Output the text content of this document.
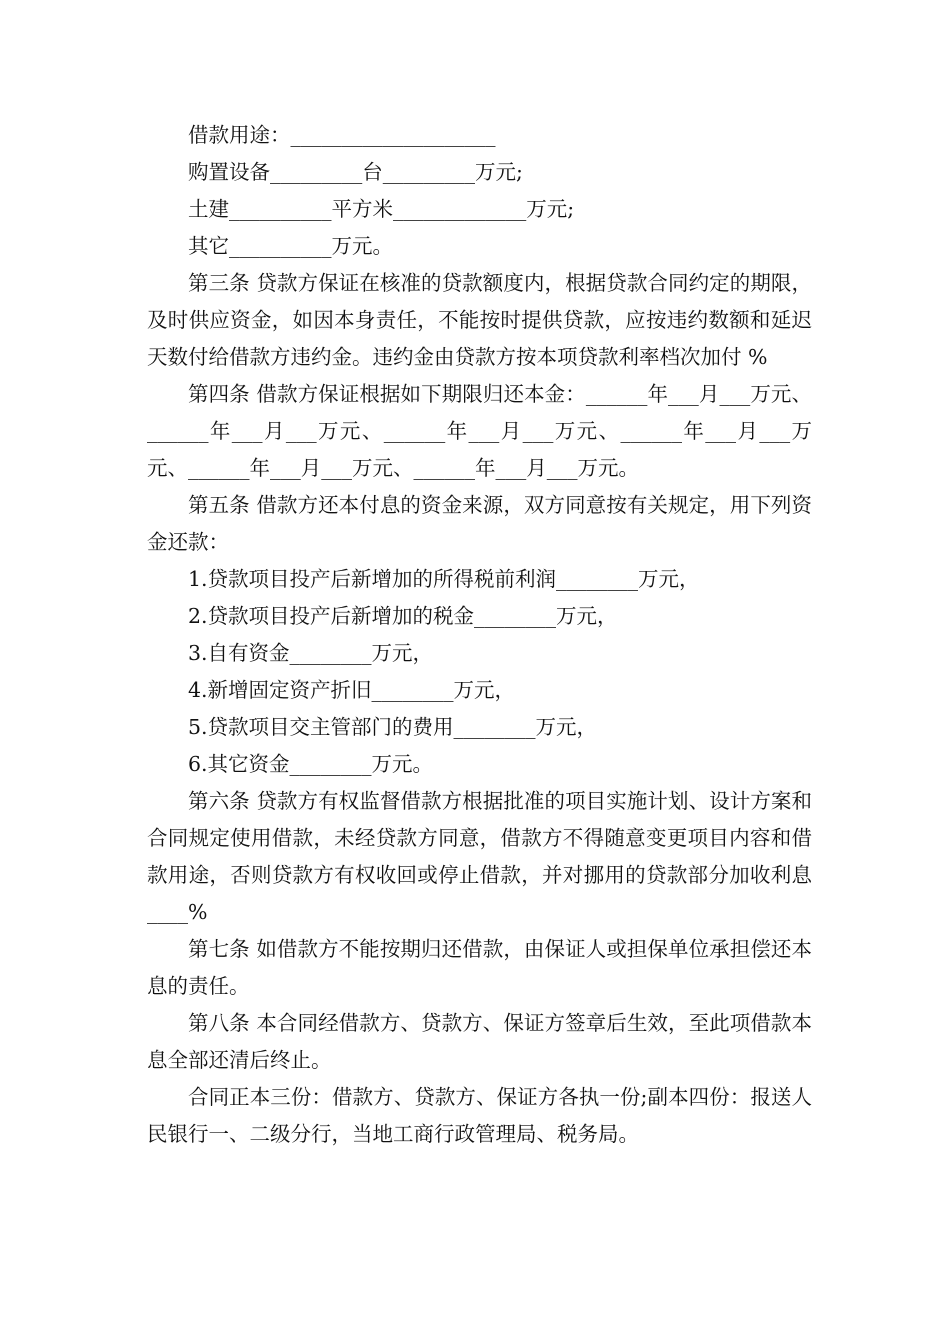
借款用途：____________________

购置设备_________台_________万元;

土建__________平方米_____________万元;

其它__________万元。

第三条 贷款方保证在核准的贷款额度内，根据贷款合同约定的期限，及时供应资金，如因本身责任，不能按时提供贷款，应按违约数额和延迟天数付给借款方违约金。违约金由贷款方按本项贷款利率档次加付 %

第四条 借款方保证根据如下期限归还本金：______年___月___万元、______年___月___万元、______年___月___万元、______年___月___万元、______年___月___万元、______年___月___万元。

第五条 借款方还本付息的资金来源，双方同意按有关规定，用下列资金还款：

1.贷款项目投产后新增加的所得税前利润________万元，

2.贷款项目投产后新增加的税金________万元，

3.自有资金________万元，

4.新增固定资产折旧________万元，

5.贷款项目交主管部门的费用________万元，

6.其它资金________万元。

第六条 贷款方有权监督借款方根据批准的项目实施计划、设计方案和合同规定使用借款，未经贷款方同意，借款方不得随意变更项目内容和借款用途，否则贷款方有权收回或停止借款，并对挪用的贷款部分加收利息____%

第七条 如借款方不能按期归还借款，由保证人或担保单位承担偿还本息的责任。

第八条 本合同经借款方、贷款方、保证方签章后生效，至此项借款本息全部还清后终止。

合同正本三份：借款方、贷款方、保证方各执一份;副本四份：报送人民银行一、二级分行，当地工商行政管理局、税务局。
